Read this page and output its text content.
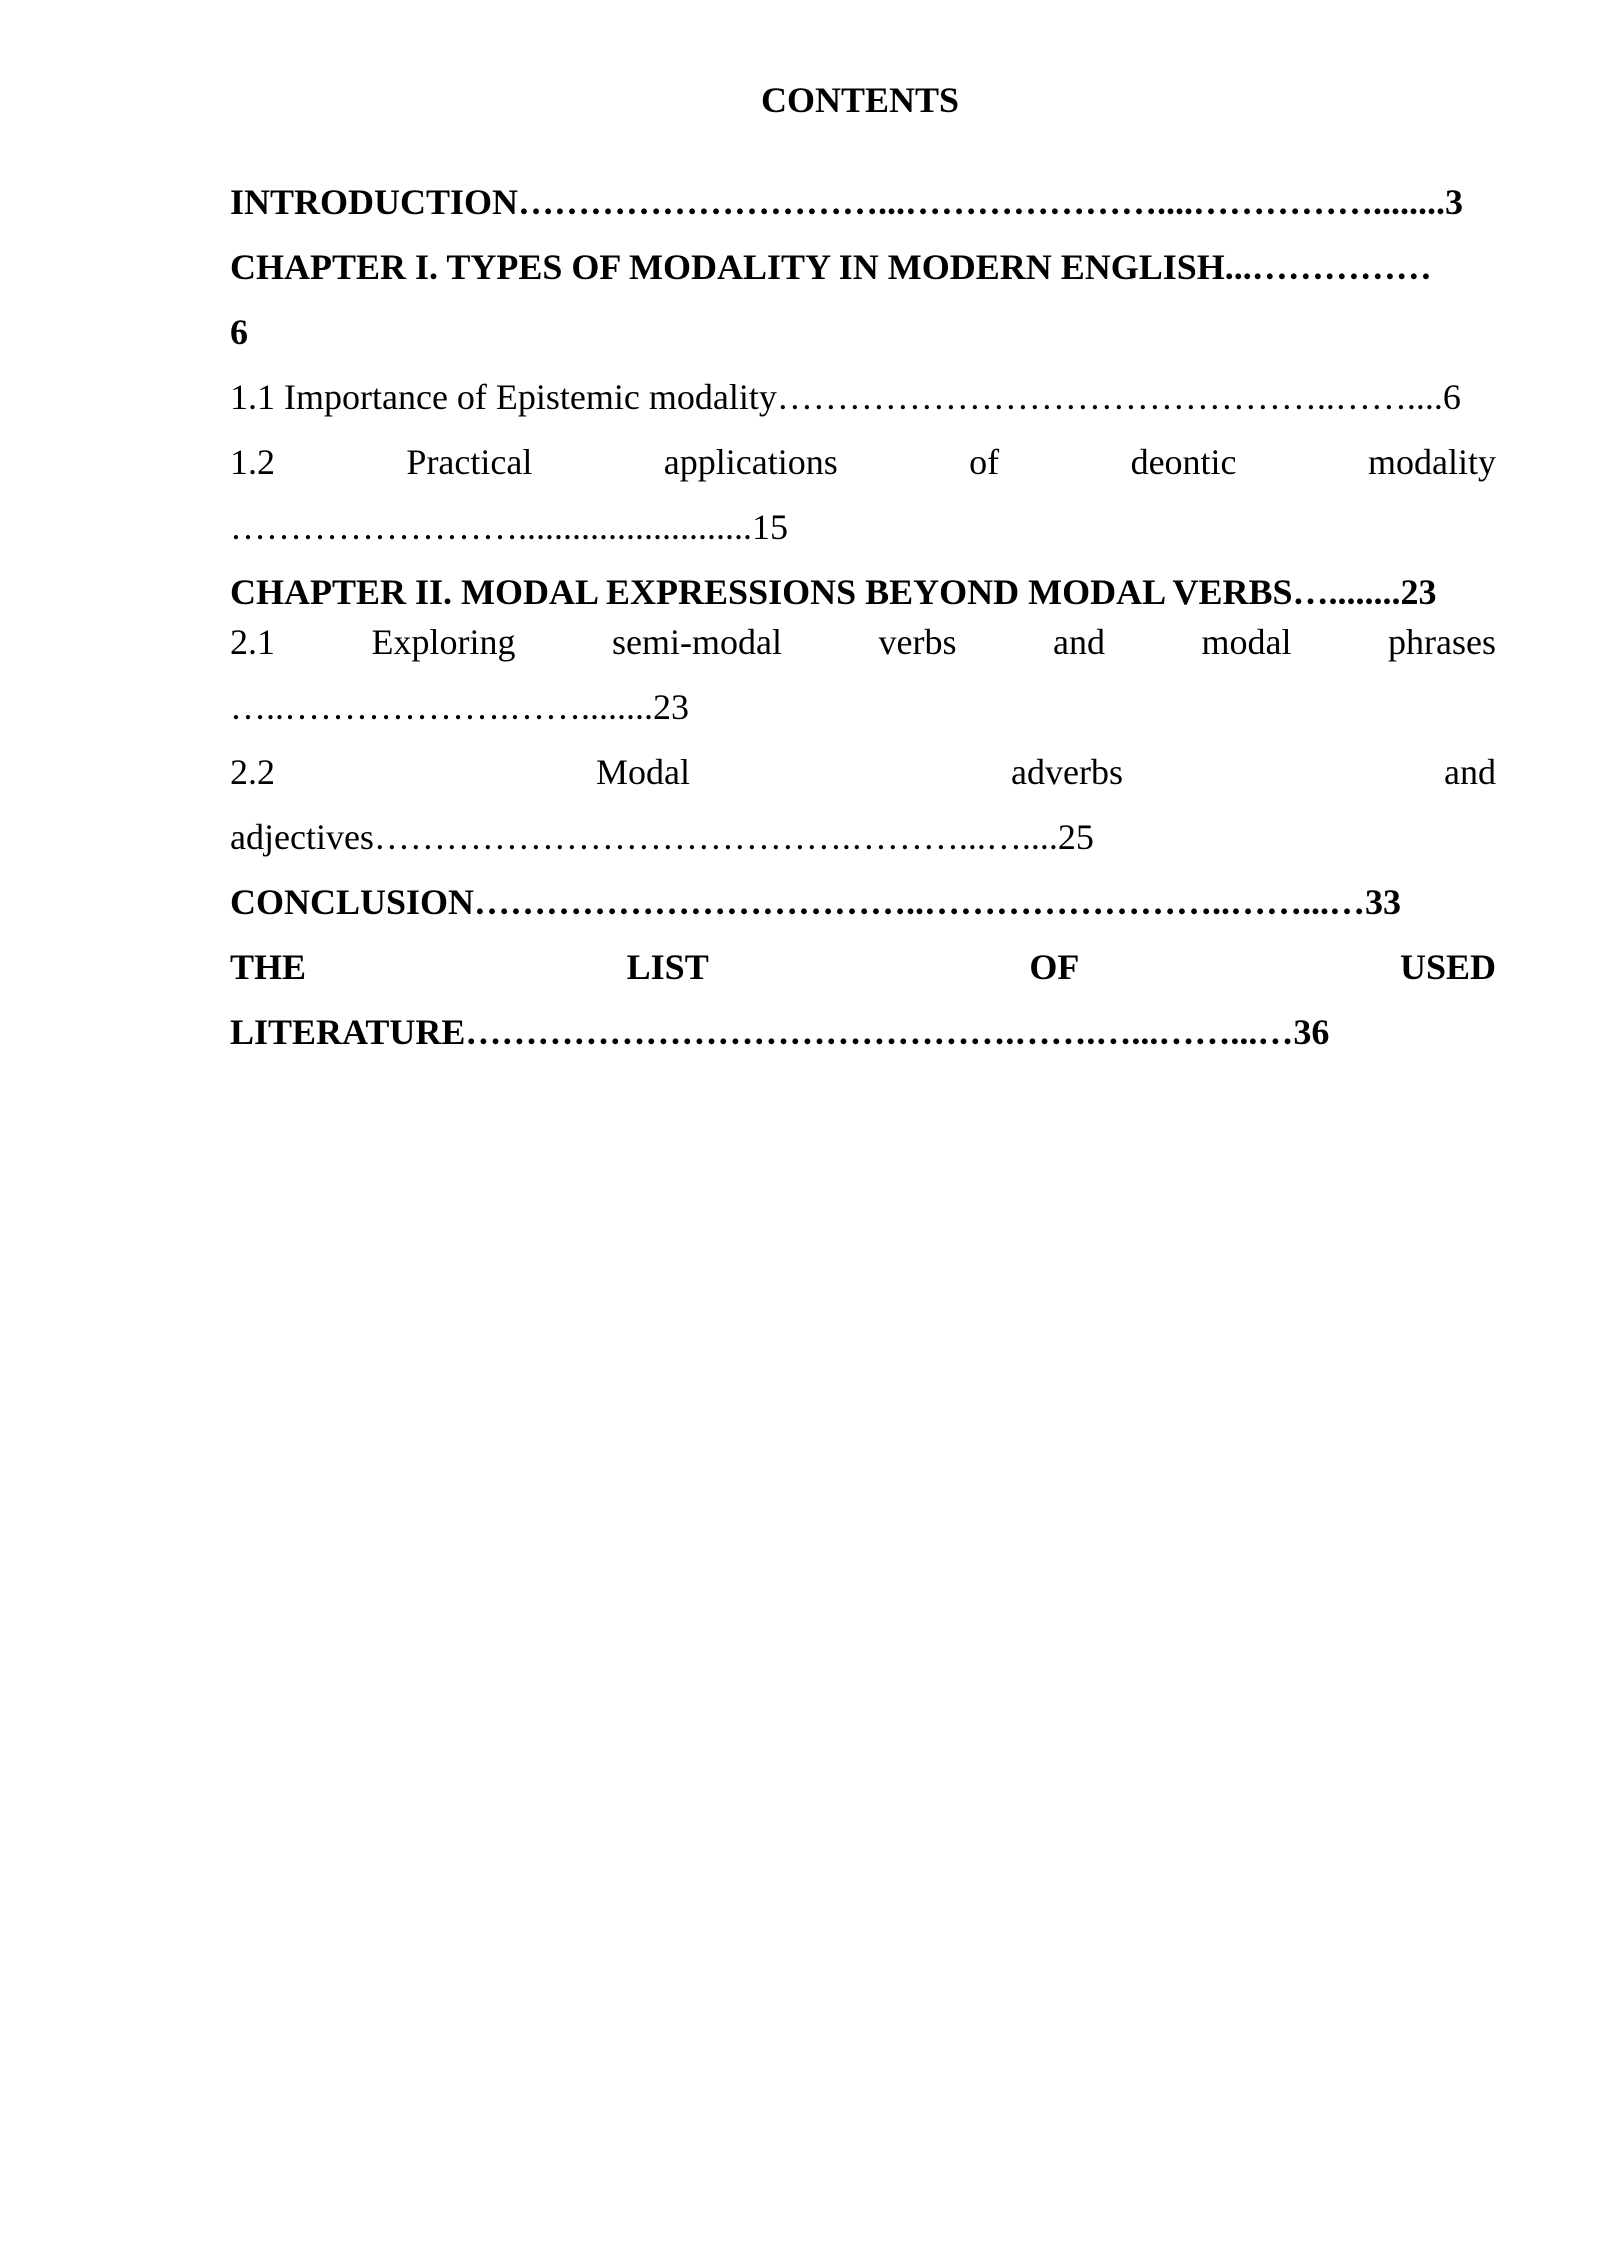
CONTENTS
INTRODUCTION…………………………...…………………....……………........3
CHAPTER I. TYPES OF MODALITY IN MODERN ENGLISH...……………
6
1.1 Importance of Epistemic modality………………………………………..……....6
1.2	Practical	applications	of	deontic	modality
……………………..........................15
CHAPTER II. MODAL EXPRESSIONS BEYOND MODAL VERBS…........23
2.1	Exploring	semi-modal	verbs	and	modal	phrases
…..……………….……........23
2.2	Modal	adverbs	and
adjectives………………………………….………...…....25
CONCLUSION………………………………..……………………..……...…33
THE	LIST	OF	USED
LITERATURE……………………………………….…….…...……...…36
